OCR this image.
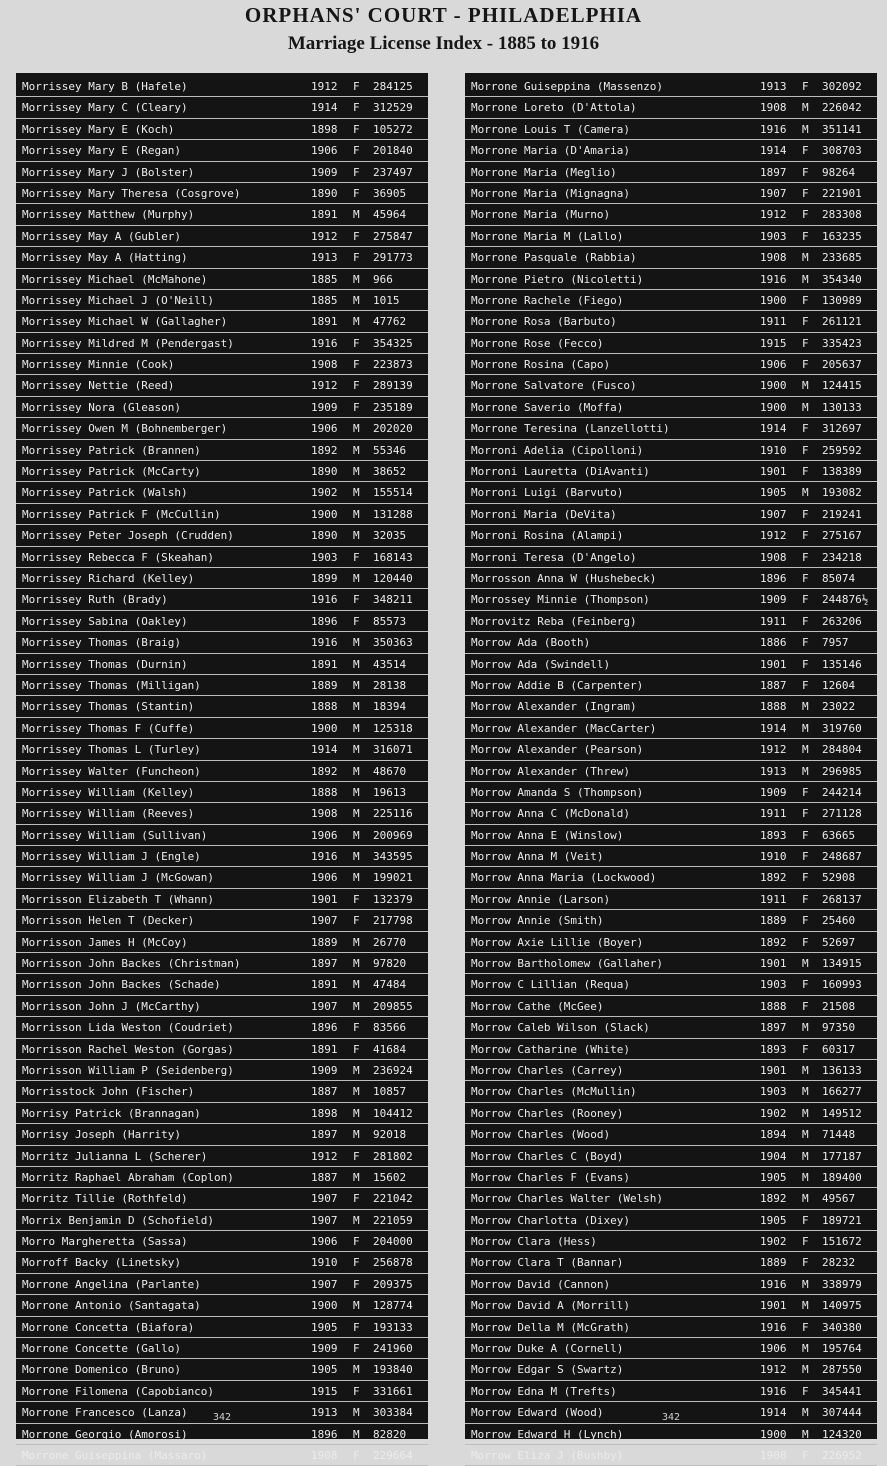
ORPHANS' COURT - PHILADELPHIA
Marriage License Index - 1885 to 1916
Morrissey Mary B (Hafele)	1912 F 284125
Morrissey Mary C (Cleary)	1914 F 312529
Morrissey Mary E (Koch)	1898 F 105272
Morrissey Mary E (Regan)	1906 F 201840
Morrissey Mary J (Bolster)	1909 F 237497
Morrissey Mary Theresa (Cosgrove)	1890 F 36905
Morrissey Matthew (Murphy)	1891 M 45964
Morrissey May A (Gubler)	1912 F 275847
Morrissey May A (Hatting)	1913 F 291773
Morrissey Michael (McMahone)	1885 M 966
Morrissey Michael J (O'Neill)	1885 M 1015
Morrissey Michael W (Gallagher)	1891 M 47762
Morrissey Mildred M (Pendergast)	1916 F 354325
Morrissey Minnie (Cook)	1908 F 223873
Morrissey Nettie (Reed)	1912 F 289139
Morrissey Nora (Gleason)	1909 F 235189
Morrissey Owen M (Bohnemberger)	1906 M 202020
Morrissey Patrick (Brannen)	1892 M 55346
Morrissey Patrick (McCarty)	1890 M 38652
Morrissey Patrick (Walsh)	1902 M 155514
Morrissey Patrick F (McCullin)	1900 M 131288
Morrissey Peter Joseph (Crudden)	1890 M 32035
Morrissey Rebecca F (Skeahan)	1903 F 168143
Morrissey Richard (Kelley)	1899 M 120440
Morrissey Ruth (Brady)	1916 F 348211
Morrissey Sabina (Oakley)	1896 F 85573
Morrissey Thomas (Braig)	1916 M 350363
Morrissey Thomas (Durnin)	1891 M 43514
Morrissey Thomas (Milligan)	1889 M 28138
Morrissey Thomas (Stantin)	1888 M 18394
Morrissey Thomas F (Cuffe)	1900 M 125318
Morrissey Thomas L (Turley)	1914 M 316071
Morrissey Walter (Funcheon)	1892 M 48670
Morrissey William (Kelley)	1888 M 19613
Morrissey William (Reeves)	1908 M 225116
Morrissey William (Sullivan)	1906 M 200969
Morrissey William J (Engle)	1916 M 343595
Morrissey William J (McGowan)	1906 M 199021
Morrisson Elizabeth T (Whann)	1901 F 132379
Morrisson Helen T (Decker)	1907 F 217798
Morrisson James H (McCoy)	1889 M 26770
Morrisson John Backes (Christman)	1897 M 97820
Morrisson John Backes (Schade)	1891 M 47484
Morrisson John J (McCarthy)	1907 M 209855
Morrisson Lida Weston (Coudriet)	1896 F 83566
Morrisson Rachel Weston (Gorgas)	1891 F 41684
Morrisson William P (Seidenberg)	1909 M 236924
Morrisstock John (Fischer)	1887 M 10857
Morrisy Patrick (Brannagan)	1898 M 104412
Morrisy Joseph (Harrity)	1897 M 92018
Morritz Julianna L (Scherer)	1912 F 281802
Morritz Raphael Abraham (Coplon)	1887 M 15602
Morritz Tillie (Rothfeld)	1907 F 221042
Morrix Benjamin D (Schofield)	1907 M 221059
Morro Margheretta (Sassa)	1906 F 204000
Morroff Backy (Linetsky)	1910 F 256878
Morrone Angelina (Parlante)	1907 F 209375
Morrone Antonio (Santagata)	1900 M 128774
Morrone Concetta (Biafora)	1905 F 193133
Morrone Concette (Gallo)	1909 F 241960
Morrone Domenico (Bruno)	1905 M 193840
Morrone Filomena (Capobianco)	1915 F 331661
Morrone Francesco (Lanza)	1913 M 303384
Morrone Georgio (Amorosi)	1896 M 82820
Morrone Guiseppina (Massaro)	1908 F 229664
342
Morrone Guiseppina (Massenzo)	1913 F 302092
Morrone Loreto (D'Attola)	1908 M 226042
Morrone Louis T (Camera)	1916 M 351141
Morrone Maria (D'Amaria)	1914 F 308703
Morrone Maria (Meglio)	1897 F 98264
Morrone Maria (Mignagna)	1907 F 221901
Morrone Maria (Murno)	1912 F 283308
Morrone Maria M (Lallo)	1903 F 163235
Morrone Pasquale (Rabbia)	1908 M 233685
Morrone Pietro (Nicoletti)	1916 M 354340
Morrone Rachele (Fiego)	1900 F 130989
Morrone Rosa (Barbuto)	1911 F 261121
Morrone Rose (Fecco)	1915 F 335423
Morrone Rosina (Capo)	1906 F 205637
Morrone Salvatore (Fusco)	1900 M 124415
Morrone Saverio (Moffa)	1900 M 130133
Morrone Teresina (Lanzellotti)	1914 F 312697
Morroni Adelia (Cipolloni)	1910 F 259592
Morroni Lauretta (DiAvanti)	1901 F 138389
Morroni Luigi (Barvuto)	1905 M 193082
Morroni Maria (DeVita)	1907 F 219241
Morroni Rosina (Alampi)	1912 F 275167
Morroni Teresa (D'Angelo)	1908 F 234218
Morrosson Anna W (Hushebeck)	1896 F 85074
Morrossey Minnie (Thompson)	1909 F 244876½
Morrovitz Reba (Feinberg)	1911 F 263206
Morrow Ada (Booth)	1886 F 7957
Morrow Ada (Swindell)	1901 F 135146
Morrow Addie B (Carpenter)	1887 F 12604
Morrow Alexander (Ingram)	1888 M 23022
Morrow Alexander (MacCarter)	1914 M 319760
Morrow Alexander (Pearson)	1912 M 284804
Morrow Alexander (Threw)	1913 M 296985
Morrow Amanda S (Thompson)	1909 F 244214
Morrow Anna C (McDonald)	1911 F 271128
Morrow Anna E (Winslow)	1893 F 63665
Morrow Anna M (Veit)	1910 F 248687
Morrow Anna Maria (Lockwood)	1892 F 52908
Morrow Annie (Larson)	1911 F 268137
Morrow Annie (Smith)	1889 F 25460
Morrow Axie Lillie (Boyer)	1892 F 52697
Morrow Bartholomew (Gallaher)	1901 M 134915
Morrow C Lillian (Requa)	1903 F 160993
Morrow Cathe (McGee)	1888 F 21508
Morrow Caleb Wilson (Slack)	1897 M 97350
Morrow Catharine (White)	1893 F 60317
Morrow Charles (Carrey)	1901 M 136133
Morrow Charles (McMullin)	1903 M 166277
Morrow Charles (Rooney)	1902 M 149512
Morrow Charles (Wood)	1894 M 71448
Morrow Charles C (Boyd)	1904 M 177187
Morrow Charles F (Evans)	1905 M 189400
Morrow Charles Walter (Welsh)	1892 M 49567
Morrow Charlotta (Dixey)	1905 F 189721
Morrow Clara (Hess)	1902 F 151672
Morrow Clara T (Bannar)	1889 F 28232
Morrow David (Cannon)	1916 M 338979
Morrow David A (Morrill)	1901 M 140975
Morrow Della M (McGrath)	1916 F 340380
Morrow Duke A (Cornell)	1906 M 195764
Morrow Edgar S (Swartz)	1912 M 287550
Morrow Edna M (Trefts)	1916 F 345441
Morrow Edward (Wood)	1914 M 307444
Morrow Edward H (Lynch)	1900 M 124320
Morrow Eliza J (Bushby)	1908 F 226952
342
